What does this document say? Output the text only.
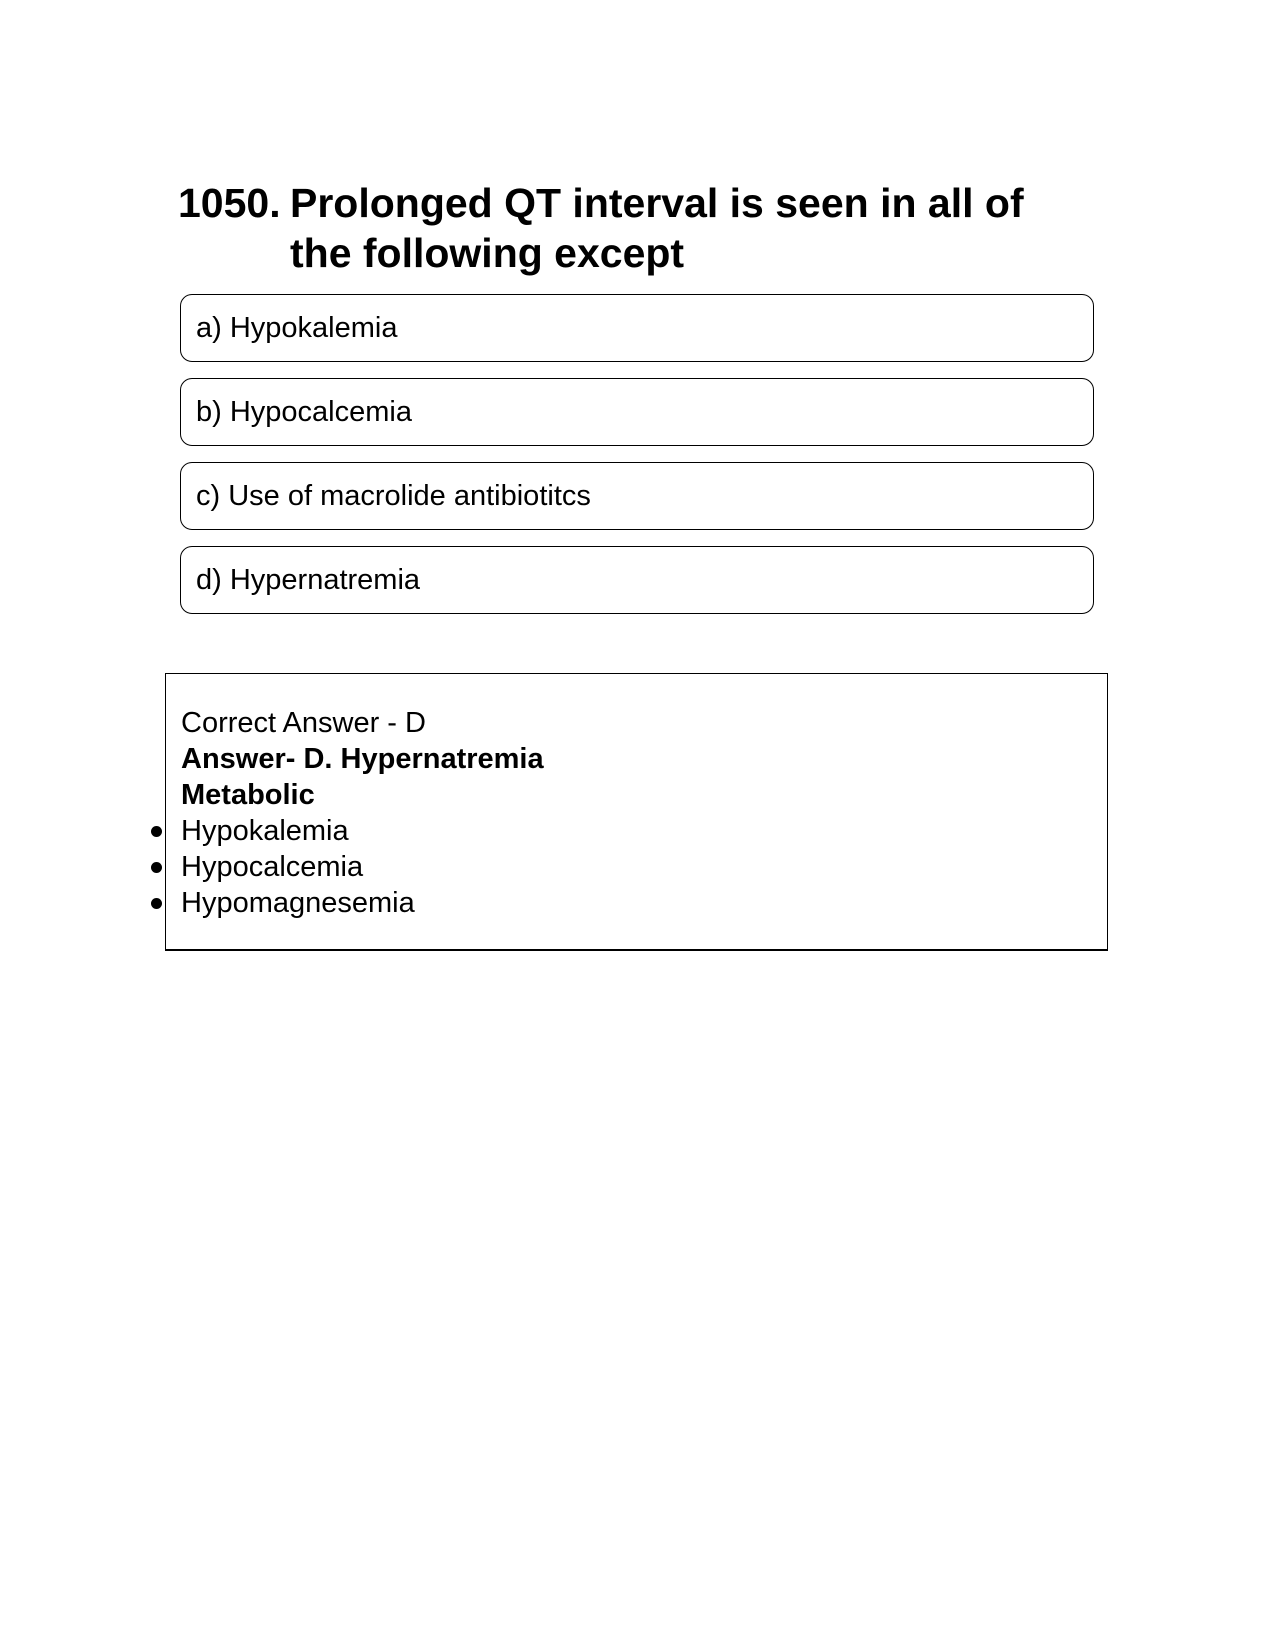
1050. Prolonged QT interval is seen in all of the following except
a) Hypokalemia
b) Hypocalcemia
c) Use of macrolide antibiotitcs
d) Hypernatremia
Correct Answer - D
Answer- D. Hypernatremia
Metabolic
Hypokalemia
Hypocalcemia
Hypomagnesemia
